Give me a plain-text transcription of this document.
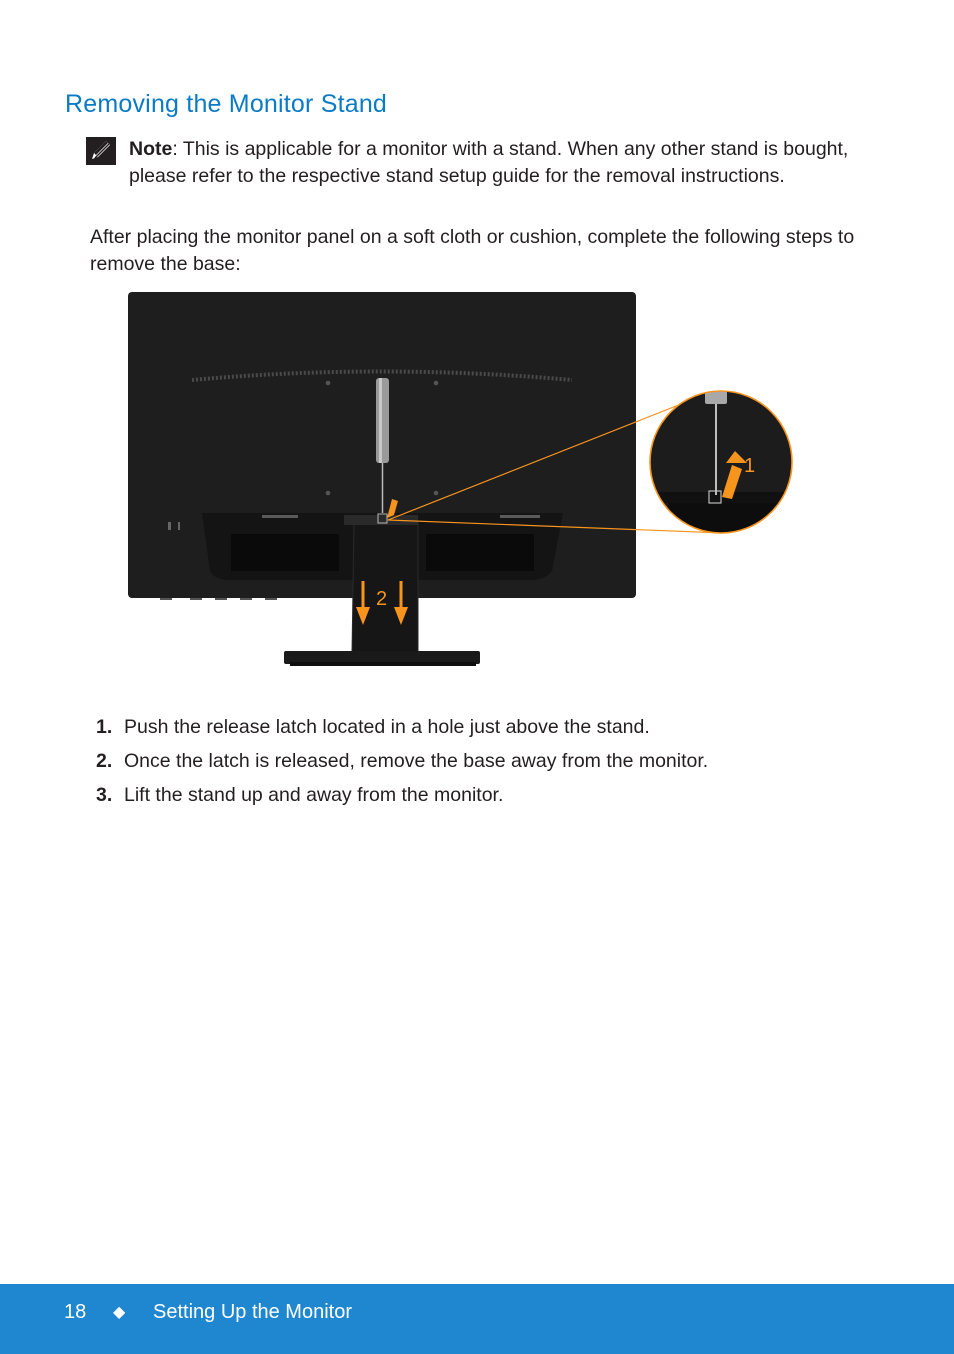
Removing the Monitor Stand

Note: This is applicable for a monitor with a stand. When any other stand is bought, please refer to the respective stand setup guide for the removal instructions.

After placing the monitor panel on a soft cloth or cushion, complete the following steps to remove the base:

2
1
1. Push the release latch located in a hole just above the stand.
2. Once the latch is released, remove the base away from the monitor.
3. Lift the stand up and away from the monitor.
18 ◆ Setting Up the Monitor
